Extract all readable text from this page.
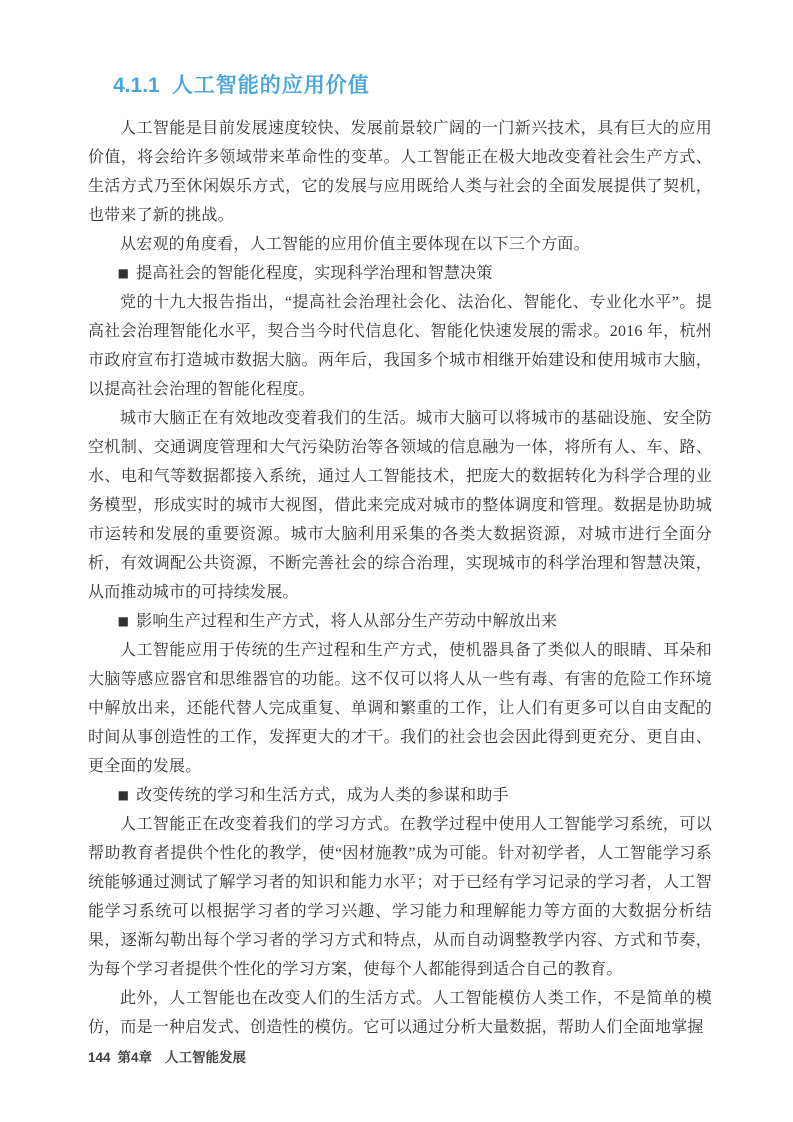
4.1.1 人工智能的应用价值

人工智能是目前发展速度较快、发展前景较广阔的一门新兴技术，具有巨大的应用价值，将会给许多领域带来革命性的变革。人工智能正在极大地改变着社会生产方式、生活方式乃至休闲娱乐方式，它的发展与应用既给人类与社会的全面发展提供了契机，也带来了新的挑战。

从宏观的角度看，人工智能的应用价值主要体现在以下三个方面。

■ 提高社会的智能化程度，实现科学治理和智慧决策

党的十九大报告指出，“提高社会治理社会化、法治化、智能化、专业化水平”。提高社会治理智能化水平，契合当今时代信息化、智能化快速发展的需求。2016 年，杭州市政府宣布打造城市数据大脑。两年后，我国多个城市相继开始建设和使用城市大脑，以提高社会治理的智能化程度。

城市大脑正在有效地改变着我们的生活。城市大脑可以将城市的基础设施、安全防空机制、交通调度管理和大气污染防治等各领域的信息融为一体，将所有人、车、路、水、电和气等数据都接入系统，通过人工智能技术，把庞大的数据转化为科学合理的业务模型，形成实时的城市大视图，借此来完成对城市的整体调度和管理。数据是协助城市运转和发展的重要资源。城市大脑利用采集的各类大数据资源，对城市进行全面分析，有效调配公共资源，不断完善社会的综合治理，实现城市的科学治理和智慧决策，从而推动城市的可持续发展。

■ 影响生产过程和生产方式，将人从部分生产劳动中解放出来

人工智能应用于传统的生产过程和生产方式，使机器具备了类似人的眼睛、耳朵和大脑等感应器官和思维器官的功能。这不仅可以将人从一些有毒、有害的危险工作环境中解放出来，还能代替人完成重复、单调和繁重的工作，让人们有更多可以自由支配的时间从事创造性的工作，发挥更大的才干。我们的社会也会因此得到更充分、更自由、更全面的发展。

■ 改变传统的学习和生活方式，成为人类的参谋和助手

人工智能正在改变着我们的学习方式。在教学过程中使用人工智能学习系统，可以帮助教育者提供个性化的教学，使“因材施教”成为可能。针对初学者，人工智能学习系统能够通过测试了解学习者的知识和能力水平；对于已经有学习记录的学习者，人工智能学习系统可以根据学习者的学习兴趣、学习能力和理解能力等方面的大数据分析结果，逐渐勾勒出每个学习者的学习方式和特点，从而自动调整教学内容、方式和节奏，为每个学习者提供个性化的学习方案，使每个人都能得到适合自己的教育。

此外，人工智能也在改变人们的生活方式。人工智能模仿人类工作，不是简单的模仿，而是一种启发式、创造性的模仿。它可以通过分析大量数据，帮助人们全面地掌握

144 第4章 人工智能发展
